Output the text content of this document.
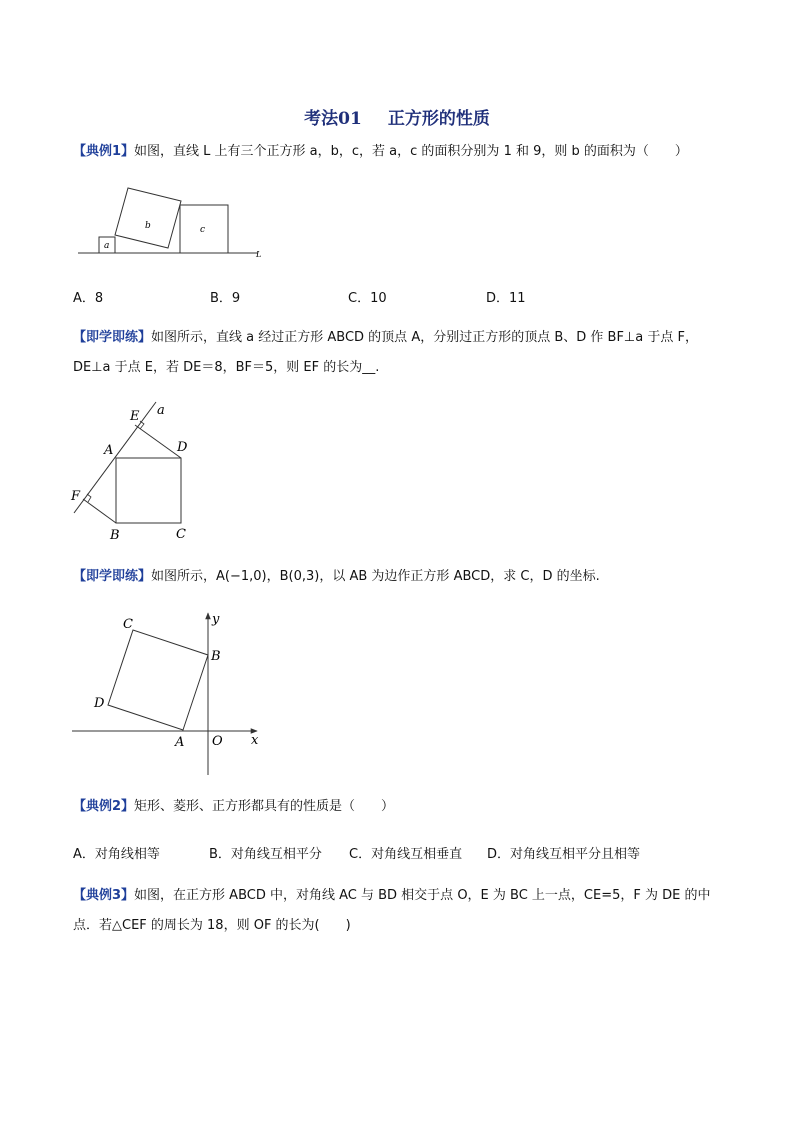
考法01 正方形的性质
【典例1】如图，直线 L 上有三个正方形 a，b，c，若 a，c 的面积分别为 1 和 9，则 b 的面积为（　　）
a
b	c
L
A．8	B．9	C．10	D．11
【即学即练】如图所示，直线 a 经过正方形 ABCD 的顶点 A，分别过正方形的顶点 B、D 作 BF⊥a 于点 F，
DE⊥a 于点 E，若 DE＝8，BF＝5，则 EF 的长为__.
E a
A	D
F
B	C
【即学即练】如图所示，A(−1,0)，B(0,3)，以 AB 为边作正方形 ABCD，求 C，D 的坐标.
y
x
C
B
D
A O
【典例2】矩形、菱形、正方形都具有的性质是（　　）
A．对角线相等	B．对角线互相平分 C．对角线互相垂直 D．对角线互相平分且相等
【典例3】如图，在正方形 ABCD 中，对角线 AC 与 BD 相交于点 O，E 为 BC 上一点，CE=5，F 为 DE 的中
点．若△CEF 的周长为 18，则 OF 的长为(　　)
